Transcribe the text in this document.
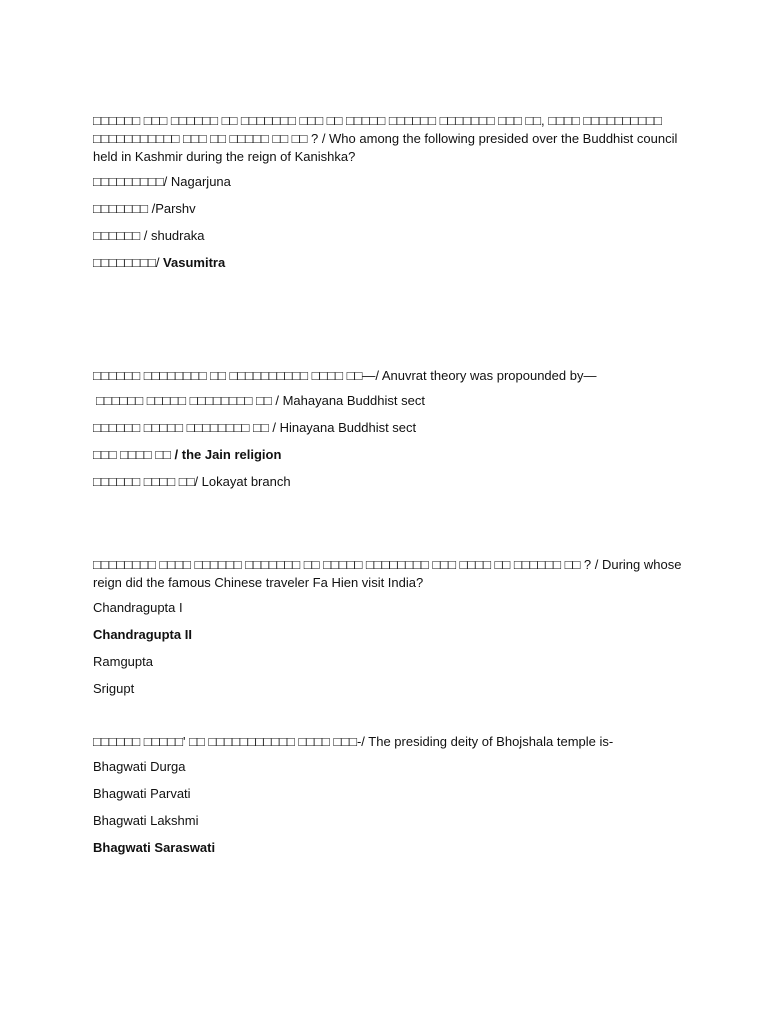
□□□□□□ □□□ □□□□□□ □□ □□□□□□□ □□□ □□ □□□□□ □□□□□□ □□□□□□□ □□□ □□, □□□□ □□□□□□□□□□ □□□□□□□□□□□ □□□ □□ □□□□□ □□ □□ ? / Who among the following presided over the Buddhist council held in Kashmir during the reign of Kanishka?

□□□□□□□□□/ Nagarjuna
□□□□□□□ /Parshv
□□□□□□ / shudraka
□□□□□□□□/ Vasumitra

□□□□□□ □□□□□□□□ □□ □□□□□□□□□□ □□□□ □□—/ Anuvrat theory was propounded by—

□□□□□□ □□□□□ □□□□□□□□ □□ / Mahayana Buddhist sect
□□□□□□ □□□□□ □□□□□□□□ □□ / Hinayana Buddhist sect
□□□ □□□□ □□ / the Jain religion
□□□□□□ □□□□ □□/ Lokayat branch

□□□□□□□□ □□□□ □□□□□□ □□□□□□□ □□ □□□□□ □□□□□□□□ □□□ □□□□ □□ □□□□□□ □□ ? / During whose reign did the famous Chinese traveler Fa Hien visit India?

Chandragupta I
Chandragupta II
Ramgupta
Srigupt

□□□□□□ □□□□□' □□ □□□□□□□□□□□ □□□□ □□□-/ The presiding deity of Bhojshala temple is-

Bhagwati Durga
Bhagwati Parvati
Bhagwati Lakshmi
Bhagwati Saraswati
